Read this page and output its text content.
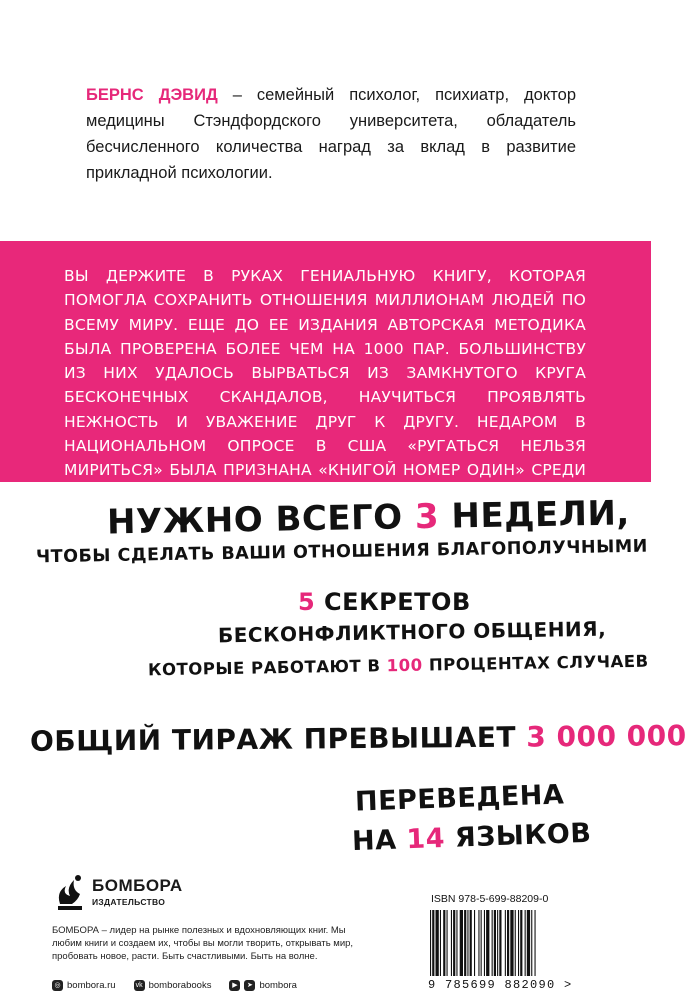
БЕРНС ДЭВИД – семейный психолог, психиатр, доктор медицины Стэндфордского университета, обладатель бесчисленного количества наград за вклад в развитие прикладной психологии.
ВЫ ДЕРЖИТЕ В РУКАХ ГЕНИАЛЬНУЮ КНИГУ, КОТОРАЯ ПОМОГЛА СОХРАНИТЬ ОТНОШЕНИЯ МИЛЛИОНАМ ЛЮДЕЙ ПО ВСЕМУ МИРУ. ЕЩЕ ДО ЕЕ ИЗДАНИЯ АВТОРСКАЯ МЕТОДИКА БЫЛА ПРОВЕРЕНА БОЛЕЕ ЧЕМ НА 1000 ПАР. БОЛЬШИНСТВУ ИЗ НИХ УДАЛОСЬ ВЫРВАТЬСЯ ИЗ ЗАМКНУТОГО КРУГА БЕСКОНЕЧНЫХ СКАНДАЛОВ, НАУЧИТЬСЯ ПРОЯВЛЯТЬ НЕЖНОСТЬ И УВАЖЕНИЕ ДРУГ К ДРУГУ. НЕДАРОМ В НАЦИОНАЛЬНОМ ОПРОСЕ В США «РУГАТЬСЯ НЕЛЬЗЯ МИРИТЬСЯ» БЫЛА ПРИЗНАНА «КНИГОЙ НОМЕР ОДИН» СРЕДИ БОЛЕЕ ЧЕМ ТЫСЯЧИ КНИГ ПО САМОПОМОЩИ.
НУЖНО ВСЕГО 3 НЕДЕЛИ,
ЧТОБЫ СДЕЛАТЬ ВАШИ ОТНОШЕНИЯ БЛАГОПОЛУЧНЫМИ
5 СЕКРЕТОВ
БЕСКОНФЛИКТНОГО ОБЩЕНИЯ,
КОТОРЫЕ РАБОТАЮТ В 100 ПРОЦЕНТАХ СЛУЧАЕВ
ОБЩИЙ ТИРАЖ ПРЕВЫШАЕТ 3 000 000
ПЕРЕВЕДЕНА
НА 14 ЯЗЫКОВ
БОМБОРА
ИЗДАТЕЛЬСТВО
БОМБОРА – лидер на рынке полезных и вдохновляющих книг. Мы любим книги и создаем их, чтобы вы могли творить, открывать мир, пробовать новое, расти. Быть счастливыми. Быть на волне.
◎ bombora.ru	vk bomborabooks	▶	➤ bombora
ISBN 978-5-699-88209-0
9 785699 882090 >
